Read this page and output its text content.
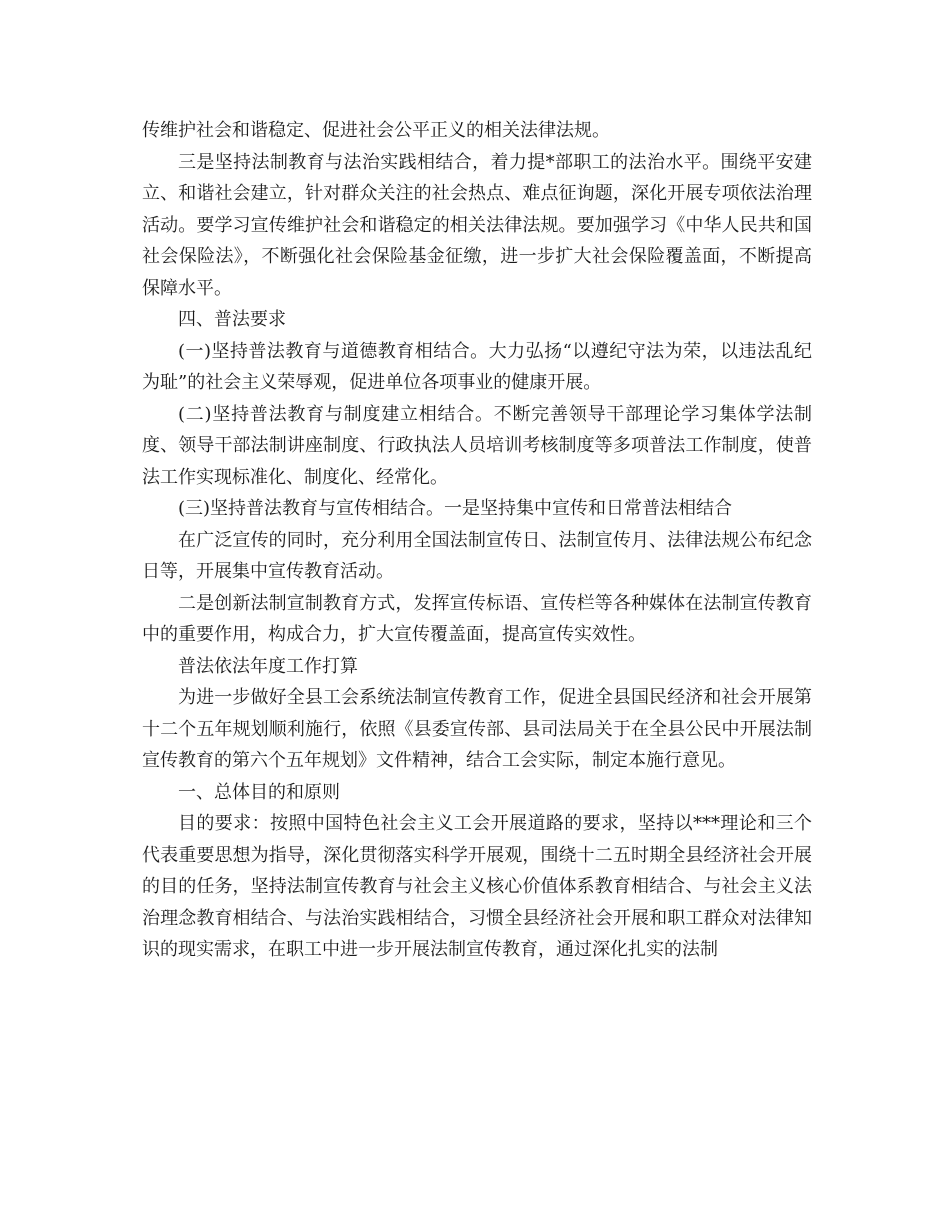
传维护社会和谐稳定、促进社会公平正义的相关法律法规。

三是坚持法制教育与法治实践相结合，着力提*部职工的法治水平。围绕平安建立、和谐社会建立，针对群众关注的社会热点、难点征询题，深化开展专项依法治理活动。要学习宣传维护社会和谐稳定的相关法律法规。要加强学习《中华人民共和国社会保险法》，不断强化社会保险基金征缴，进一步扩大社会保险覆盖面，不断提高保障水平。

四、普法要求

(一)坚持普法教育与道德教育相结合。大力弘扬“以遵纪守法为荣，以违法乱纪为耻”的社会主义荣辱观，促进单位各项事业的健康开展。

(二)坚持普法教育与制度建立相结合。不断完善领导干部理论学习集体学法制度、领导干部法制讲座制度、行政执法人员培训考核制度等多项普法工作制度，使普法工作实现标准化、制度化、经常化。

(三)坚持普法教育与宣传相结合。一是坚持集中宣传和日常普法相结合

在广泛宣传的同时，充分利用全国法制宣传日、法制宣传月、法律法规公布纪念日等，开展集中宣传教育活动。

二是创新法制宣制教育方式，发挥宣传标语、宣传栏等各种媒体在法制宣传教育中的重要作用，构成合力，扩大宣传覆盖面，提高宣传实效性。

普法依法年度工作打算

为进一步做好全县工会系统法制宣传教育工作，促进全县国民经济和社会开展第十二个五年规划顺利施行，依照《县委宣传部、县司法局关于在全县公民中开展法制宣传教育的第六个五年规划》文件精神，结合工会实际，制定本施行意见。

一、总体目的和原则

目的要求：按照中国特色社会主义工会开展道路的要求，坚持以***理论和三个代表重要思想为指导，深化贯彻落实科学开展观，围绕十二五时期全县经济社会开展的目的任务，坚持法制宣传教育与社会主义核心价值体系教育相结合、与社会主义法治理念教育相结合、与法治实践相结合，习惯全县经济社会开展和职工群众对法律知识的现实需求，在职工中进一步开展法制宣传教育，通过深化扎实的法制
